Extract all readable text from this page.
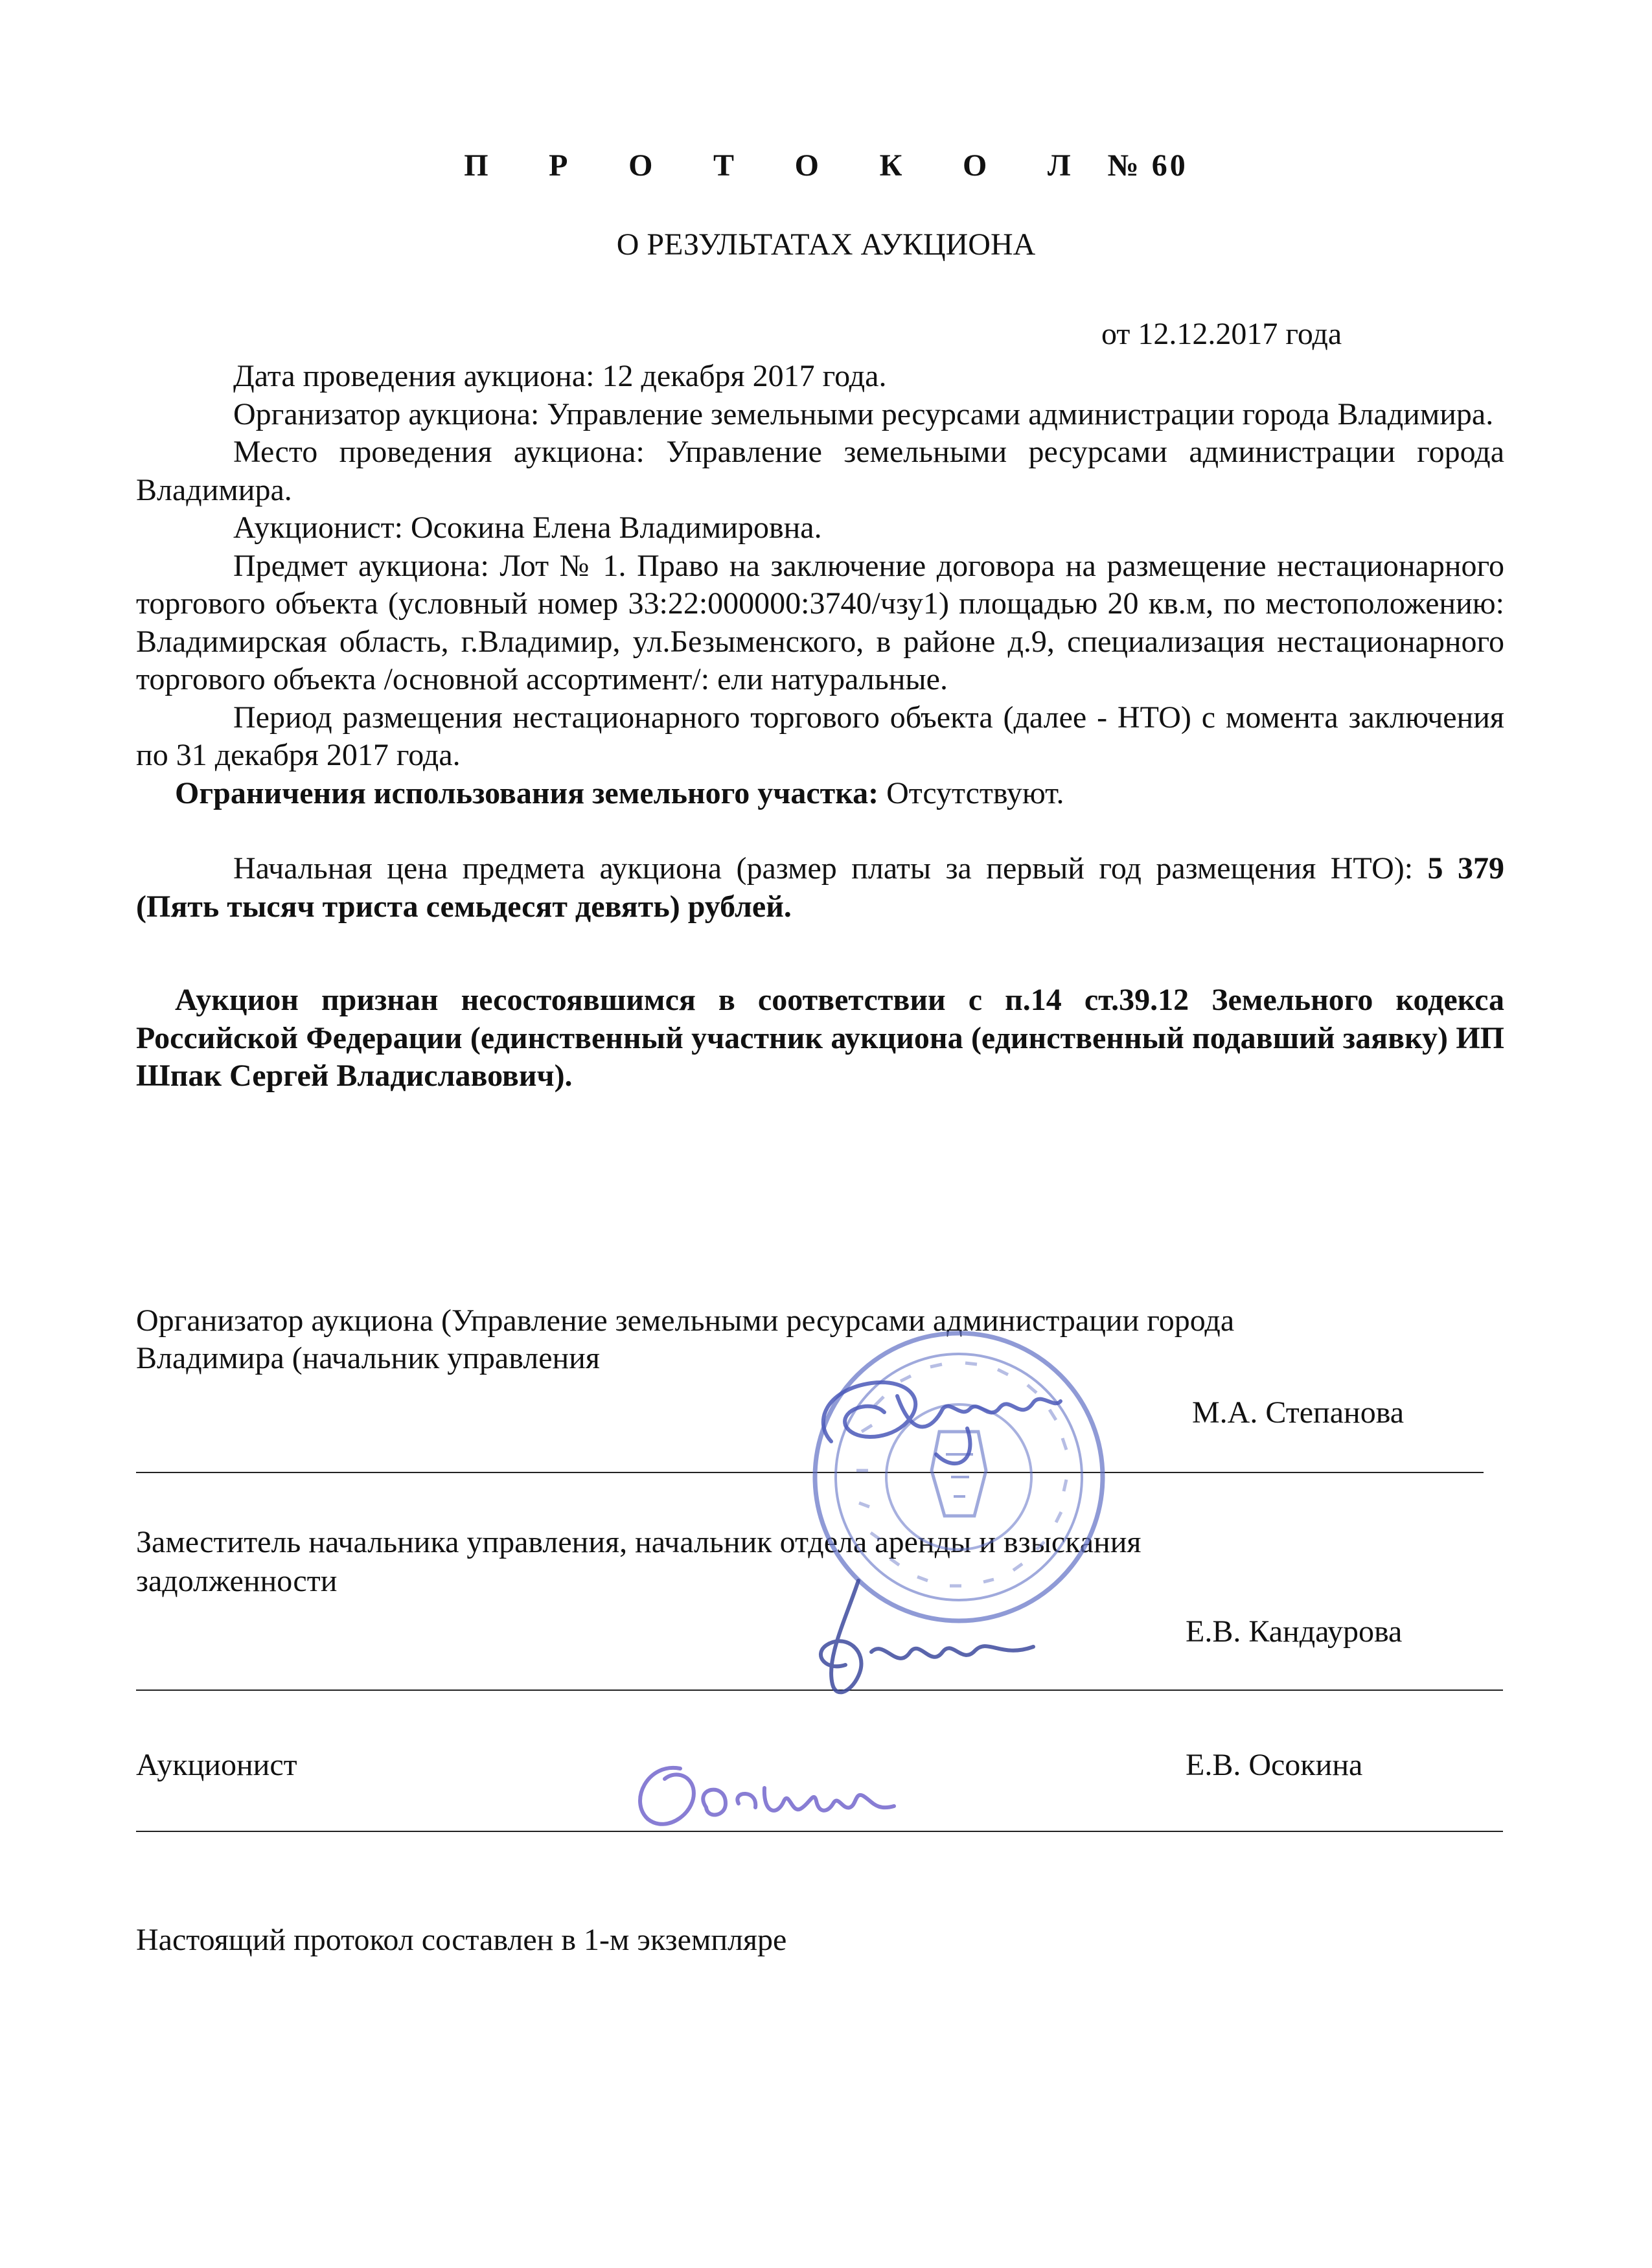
П Р О Т О К О Л № 60
О РЕЗУЛЬТАТАХ АУКЦИОНА
от 12.12.2017 года

Дата проведения аукциона: 12 декабря 2017 года.

Организатор аукциона: Управление земельными ресурсами администрации города Владимира.

Место проведения аукциона: Управление земельными ресурсами администрации города Владимира.

Аукционист: Осокина Елена Владимировна.

Предмет аукциона: Лот № 1. Право на заключение договора на размещение нестационарного торгового объекта (условный номер 33:22:000000:3740/чзу1) площадью 20 кв.м, по местоположению: Владимирская область, г.Владимир, ул.Безыменского, в районе д.9, специализация нестационарного торгового объекта /основной ассортимент/: ели натуральные.

Период размещения нестационарного торгового объекта (далее - НТО) с момента заключения по 31 декабря 2017 года.

Ограничения использования земельного участка: Отсутствуют.

Начальная цена предмета аукциона (размер платы за первый год размещения НТО): 5 379 (Пять тысяч триста семьдесят девять) рублей.

Аукцион признан несостоявшимся в соответствии с п.14 ст.39.12 Земельного кодекса Российской Федерации (единственный участник аукциона (единственный подавший заявку) ИП Шпак Сергей Владиславович).

Организатор аукциона (Управление земельными ресурсами администрации города
Владимира (начальник управления
М.А. Степанова
Заместитель начальника управления, начальник отдела аренды и взыскания
задолженности
Е.В. Кандаурова
Аукционист	Е.В. Осокина
Настоящий протокол составлен в 1-м экземпляре
